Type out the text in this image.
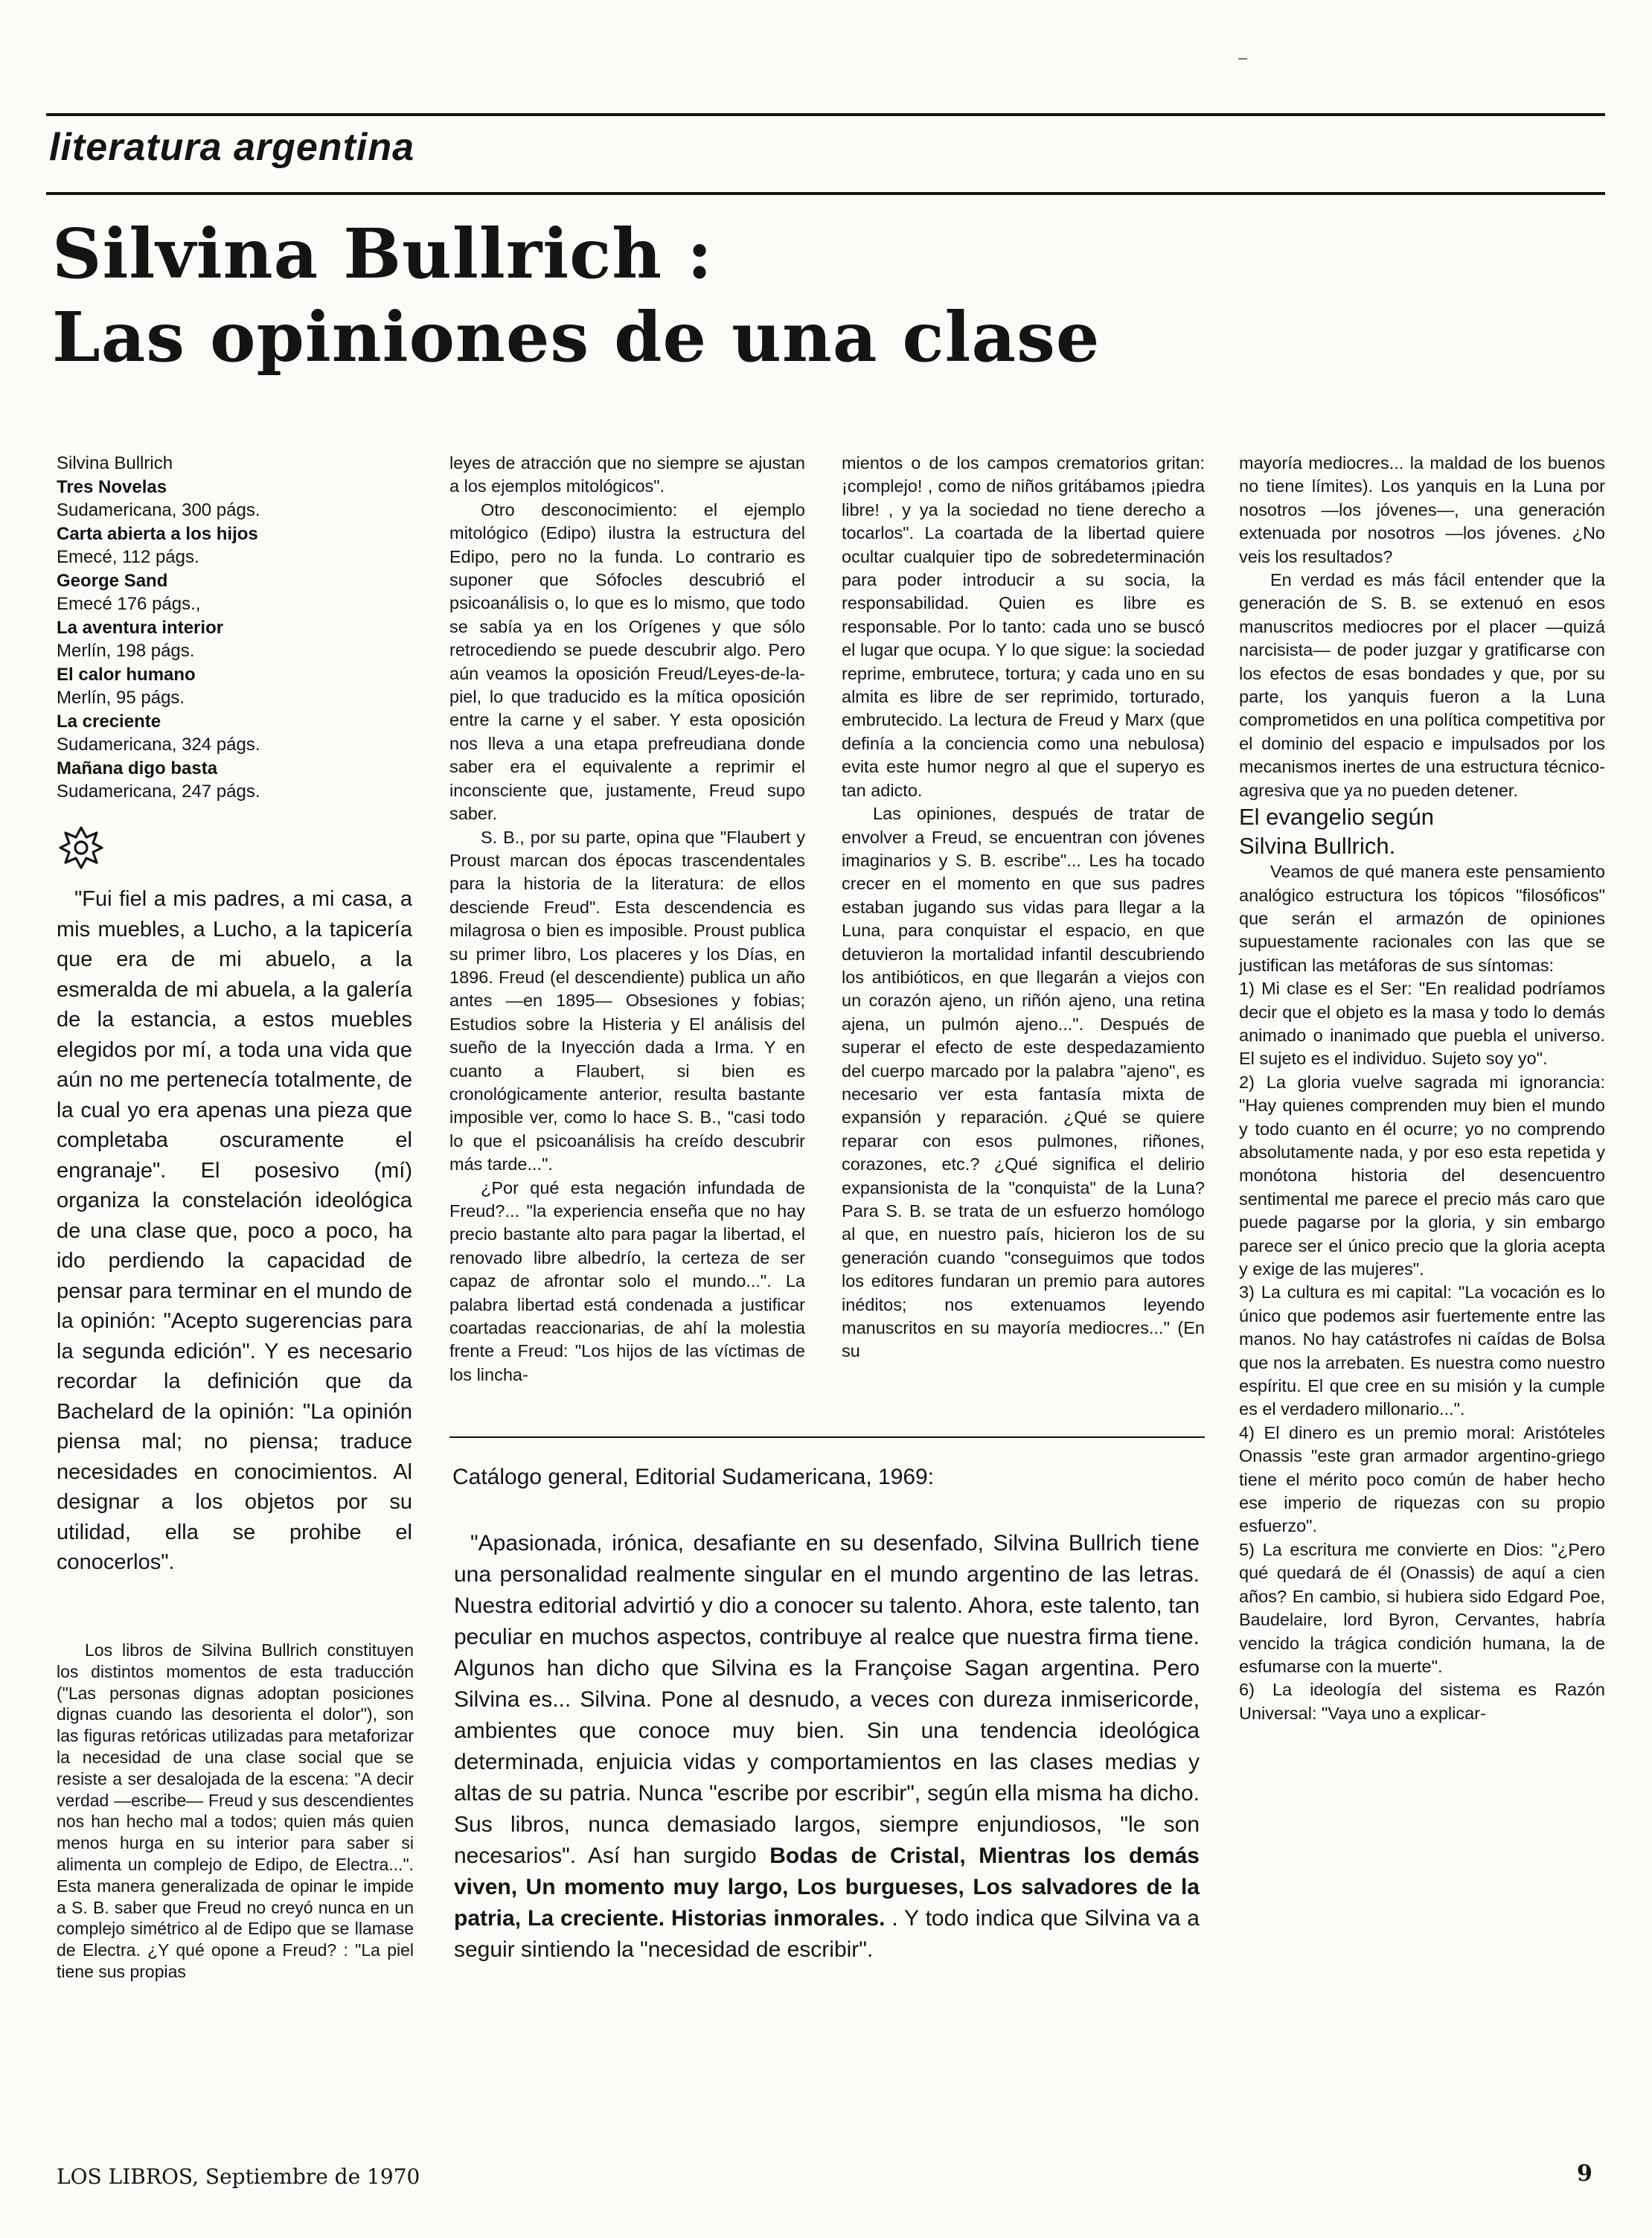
literatura argentina
Silvina Bullrich :
Las opiniones de una clase
Silvina Bullrich
Tres Novelas
Sudamericana, 300 págs.
Carta abierta a los hijos
Emecé, 112 págs.
George Sand
Emecé 176 págs.,
La aventura interior
Merlín, 198 págs.
El calor humano
Merlín, 95 págs.
La creciente
Sudamericana, 324 págs.
Mañana digo basta
Sudamericana, 247 págs.

"Fui fiel a mis padres, a mi casa, a mis muebles, a Lucho, a la tapicería que era de mi abuelo, a la esmeralda de mi abuela, a la galería de la estancia, a estos muebles elegidos por mí, a toda una vida que aún no me pertenecía totalmente, de la cual yo era apenas una pieza que completaba oscuramente el engranaje". El posesivo (mí) organiza la constelación ideológica de una clase que, poco a poco, ha ido perdiendo la capacidad de pensar para terminar en el mundo de la opinión: "Acepto sugerencias para la segunda edición". Y es necesario recordar la definición que da Bachelard de la opinión: "La opinión piensa mal; no piensa; traduce necesidades en conocimientos. Al designar a los objetos por su utilidad, ella se prohibe el conocerlos".

Los libros de Silvina Bullrich constituyen los distintos momentos de esta traducción ("Las personas dignas adoptan posiciones dignas cuando las desorienta el dolor"), son las figuras retóricas utilizadas para metaforizar la necesidad de una clase social que se resiste a ser desalojada de la escena: "A decir verdad —escribe— Freud y sus descendientes nos han hecho mal a todos; quien más quien menos hurga en su interior para saber si alimenta un complejo de Edipo, de Electra...". Esta manera generalizada de opinar le impide a S. B. saber que Freud no creyó nunca en un complejo simétrico al de Edipo que se llamase de Electra. ¿Y qué opone a Freud? : "La piel tiene sus propias

leyes de atracción que no siempre se ajustan a los ejemplos mitológicos".

Otro desconocimiento: el ejemplo mitológico (Edipo) ilustra la estructura del Edipo, pero no la funda. Lo contrario es suponer que Sófocles descubrió el psicoanálisis o, lo que es lo mismo, que todo se sabía ya en los Orígenes y que sólo retrocediendo se puede descubrir algo. Pero aún veamos la oposición Freud/Leyes-de-la-piel, lo que traducido es la mítica oposición entre la carne y el saber. Y esta oposición nos lleva a una etapa prefreudiana donde saber era el equivalente a reprimir el inconsciente que, justamente, Freud supo saber.

S. B., por su parte, opina que "Flaubert y Proust marcan dos épocas trascendentales para la historia de la literatura: de ellos desciende Freud". Esta descendencia es milagrosa o bien es imposible. Proust publica su primer libro, Los placeres y los Días, en 1896. Freud (el descendiente) publica un año antes —en 1895— Obsesiones y fobias; Estudios sobre la Histeria y El análisis del sueño de la Inyección dada a Irma. Y en cuanto a Flaubert, si bien es cronológicamente anterior, resulta bastante imposible ver, como lo hace S. B., "casi todo lo que el psicoanálisis ha creído descubrir más tarde...".

¿Por qué esta negación infundada de Freud?... "la experiencia enseña que no hay precio bastante alto para pagar la libertad, el renovado libre albedrío, la certeza de ser capaz de afrontar solo el mundo...". La palabra libertad está condenada a justificar coartadas reaccionarias, de ahí la molestia frente a Freud: "Los hijos de las víctimas de los lincha-

mientos o de los campos crematorios gritan: ¡complejo! , como de niños gritábamos ¡piedra libre! , y ya la sociedad no tiene derecho a tocarlos". La coartada de la libertad quiere ocultar cualquier tipo de sobredeterminación para poder introducir a su socia, la responsabilidad. Quien es libre es responsable. Por lo tanto: cada uno se buscó el lugar que ocupa. Y lo que sigue: la sociedad reprime, embrutece, tortura; y cada uno en su almita es libre de ser reprimido, torturado, embrutecido. La lectura de Freud y Marx (que definía a la conciencia como una nebulosa) evita este humor negro al que el superyo es tan adicto.

Las opiniones, después de tratar de envolver a Freud, se encuentran con jóvenes imaginarios y S. B. escribe"... Les ha tocado crecer en el momento en que sus padres estaban jugando sus vidas para llegar a la Luna, para conquistar el espacio, en que detuvieron la mortalidad infantil descubriendo los antibióticos, en que llegarán a viejos con un corazón ajeno, un riñón ajeno, una retina ajena, un pulmón ajeno...". Después de superar el efecto de este despedazamiento del cuerpo marcado por la palabra "ajeno", es necesario ver esta fantasía mixta de expansión y reparación. ¿Qué se quiere reparar con esos pulmones, riñones, corazones, etc.? ¿Qué significa el delirio expansionista de la "conquista" de la Luna? Para S. B. se trata de un esfuerzo homólogo al que, en nuestro país, hicieron los de su generación cuando "conseguimos que todos los editores fundaran un premio para autores inéditos; nos extenuamos leyendo manuscritos en su mayoría mediocres..." (En su

mayoría mediocres... la maldad de los buenos no tiene límites). Los yanquis en la Luna por nosotros —los jóvenes—, una generación extenuada por nosotros —los jóvenes. ¿No veis los resultados?

En verdad es más fácil entender que la generación de S. B. se extenuó en esos manuscritos mediocres por el placer —quizá narcisista— de poder juzgar y gratificarse con los efectos de esas bondades y que, por su parte, los yanquis fueron a la Luna comprometidos en una política competitiva por el dominio del espacio e impulsados por los mecanismos inertes de una estructura técnico-agresiva que ya no pueden detener.

El evangelio según
Silvina Bullrich.

Veamos de qué manera este pensamiento analógico estructura los tópicos "filosóficos" que serán el armazón de opiniones supuestamente racionales con las que se justifican las metáforas de sus síntomas:

1) Mi clase es el Ser: "En realidad podríamos decir que el objeto es la masa y todo lo demás animado o inanimado que puebla el universo. El sujeto es el individuo. Sujeto soy yo".

2) La gloria vuelve sagrada mi ignorancia: "Hay quienes comprenden muy bien el mundo y todo cuanto en él ocurre; yo no comprendo absolutamente nada, y por eso esta repetida y monótona historia del desencuentro sentimental me parece el precio más caro que puede pagarse por la gloria, y sin embargo parece ser el único precio que la gloria acepta y exige de las mujeres".

3) La cultura es mi capital: "La vocación es lo único que podemos asir fuertemente entre las manos. No hay catástrofes ni caídas de Bolsa que nos la arrebaten. Es nuestra como nuestro espíritu. El que cree en su misión y la cumple es el verdadero millonario...".

4) El dinero es un premio moral: Aristóteles Onassis "este gran armador argentino-griego tiene el mérito poco común de haber hecho ese imperio de riquezas con su propio esfuerzo".

5) La escritura me convierte en Dios: "¿Pero qué quedará de él (Onassis) de aquí a cien años? En cambio, si hubiera sido Edgard Poe, Baudelaire, lord Byron, Cervantes, habría vencido la trágica condición humana, la de esfumarse con la muerte".

6) La ideología del sistema es Razón Universal: "Vaya uno a explicar-

Catálogo general, Editorial Sudamericana, 1969:

"Apasionada, irónica, desafiante en su desenfado, Silvina Bullrich tiene una personalidad realmente singular en el mundo argentino de las letras. Nuestra editorial advirtió y dio a conocer su talento. Ahora, este talento, tan peculiar en muchos aspectos, contribuye al realce que nuestra firma tiene. Algunos han dicho que Silvina es la Françoise Sagan argentina. Pero Silvina es... Silvina. Pone al desnudo, a veces con dureza inmisericorde, ambientes que conoce muy bien. Sin una tendencia ideológica determinada, enjuicia vidas y comportamientos en las clases medias y altas de su patria. Nunca "escribe por escribir", según ella misma ha dicho. Sus libros, nunca demasiado largos, siempre enjundiosos, "le son necesarios". Así han surgido Bodas de Cristal, Mientras los demás viven, Un momento muy largo, Los burgueses, Los salvadores de la patria, La creciente. Historias inmorales. . Y todo indica que Silvina va a seguir sintiendo la "necesidad de escribir".

LOS LIBROS, Septiembre de 1970	9
